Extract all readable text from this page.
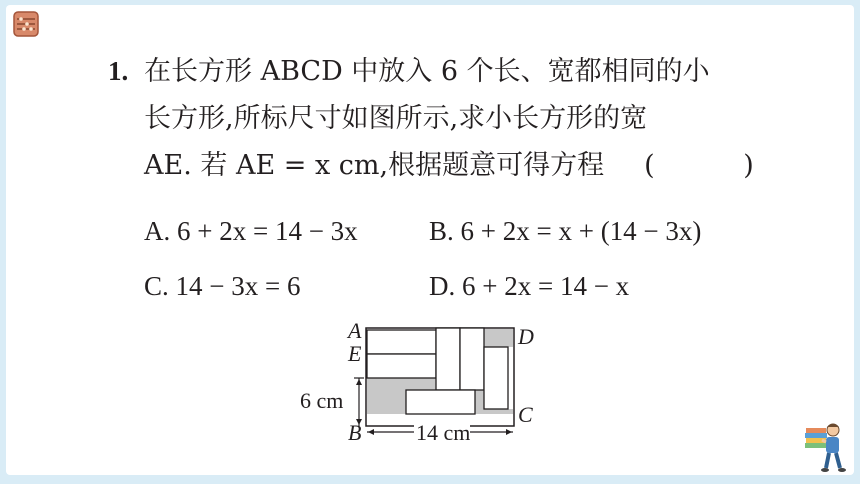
1. 在长方形 ABCD 中放入 6 个长、宽都相同的小
长方形,所标尺寸如图所示,求小长方形的宽
AE. 若 AE = x cm,根据题意可得方程 ( )
A. 6 + 2x = 14 − 3x	B. 6 + 2x = x + (14 − 3x)
C. 14 − 3x = 6	D. 6 + 2x = 14 − x
A
E
B
C
D
6 cm
14 cm
